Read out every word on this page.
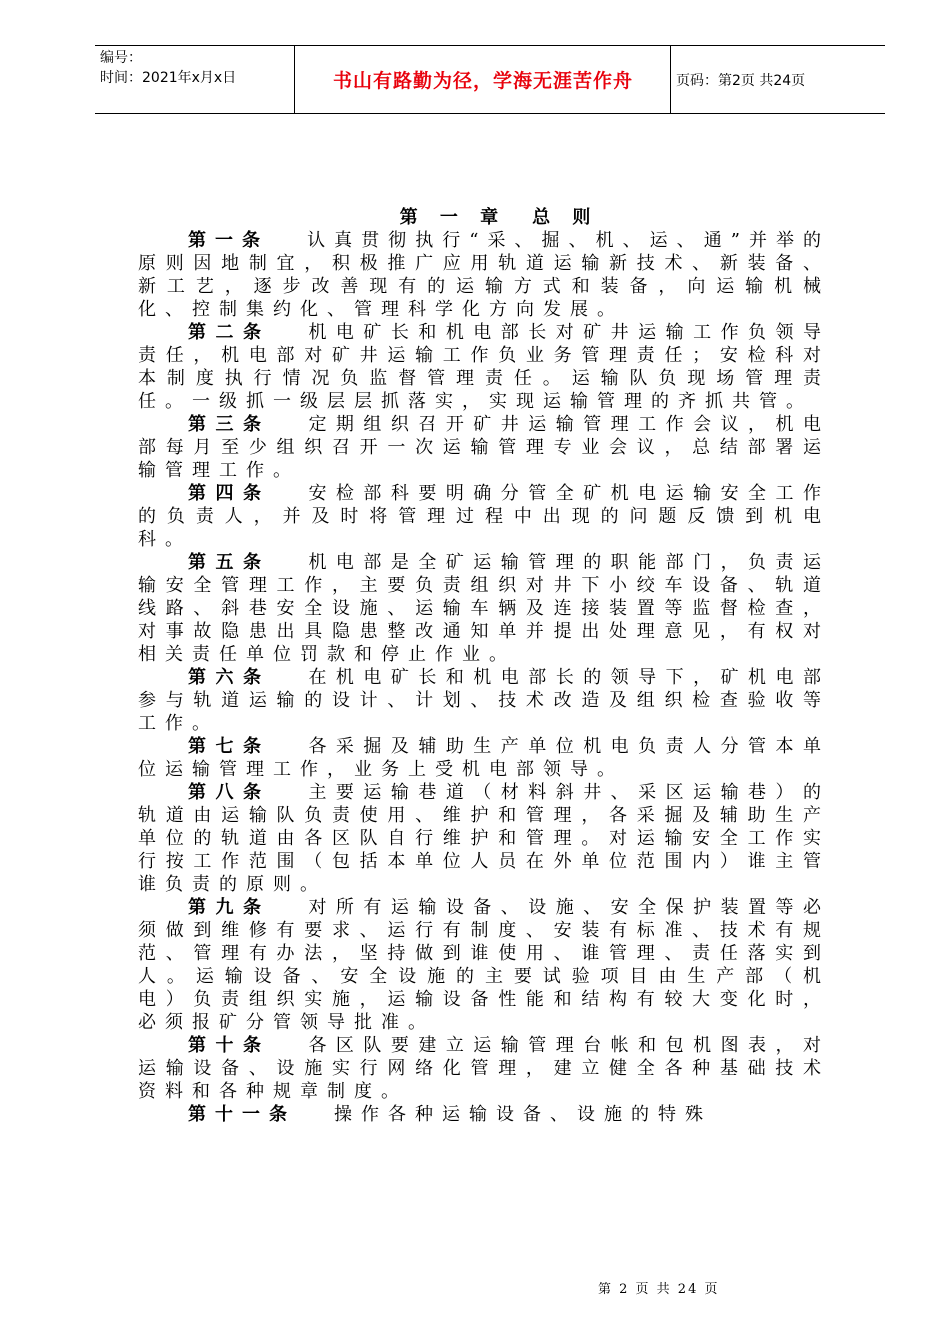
编号：
时间：2021年x月x日	书山有路勤为径，学海无涯苦作舟	页码：第2页 共24页
第 一 章　总 则
第一条 认真贯彻执行“采、掘、机、运、通”并举的原则因地制宜，积极推广应用轨道运输新技术、新装备、新工艺，逐步改善现有的运输方式和装备，向运输机械化、控制集约化、管理科学化方向发展。
第二条 机电矿长和机电部长对矿井运输工作负领导责任，机电部对矿井运输工作负业务管理责任；安检科对本制度执行情况负监督管理责任。运输队负现场管理责任。一级抓一级层层抓落实，实现运输管理的齐抓共管。
第三条 定期组织召开矿井运输管理工作会议，机电部每月至少组织召开一次运输管理专业会议，总结部署运输管理工作。
第四条 安检部科要明确分管全矿机电运输安全工作的负责人，并及时将管理过程中出现的问题反馈到机电科。
第五条 机电部是全矿运输管理的职能部门，负责运输安全管理工作，主要负责组织对井下小绞车设备、轨道线路、斜巷安全设施、运输车辆及连接装置等监督检查，对事故隐患出具隐患整改通知单并提出处理意见，有权对相关责任单位罚款和停止作业。
第六条 在机电矿长和机电部长的领导下，矿机电部参与轨道运输的设计、计划、技术改造及组织检查验收等工作。
第七条 各采掘及辅助生产单位机电负责人分管本单位运输管理工作，业务上受机电部领导。
第八条 主要运输巷道（材料斜井、采区运输巷）的轨道由运输队负责使用、维护和管理，各采掘及辅助生产单位的轨道由各区队自行维护和管理。对运输安全工作实行按工作范围（包括本单位人员在外单位范围内）谁主管谁负责的原则。
第九条 对所有运输设备、设施、安全保护装置等必须做到维修有要求、运行有制度、安装有标准、技术有规范、管理有办法，坚持做到谁使用、谁管理、责任落实到人。运输设备、安全设施的主要试验项目由生产部（机电）负责组织实施，运输设备性能和结构有较大变化时，必须报矿分管领导批准。
第十条 各区队要建立运输管理台帐和包机图表，对运输设备、设施实行网络化管理，建立健全各种基础技术资料和各种规章制度。
第十一条 操作各种运输设备、设施的特殊
第 2 页 共 24 页
